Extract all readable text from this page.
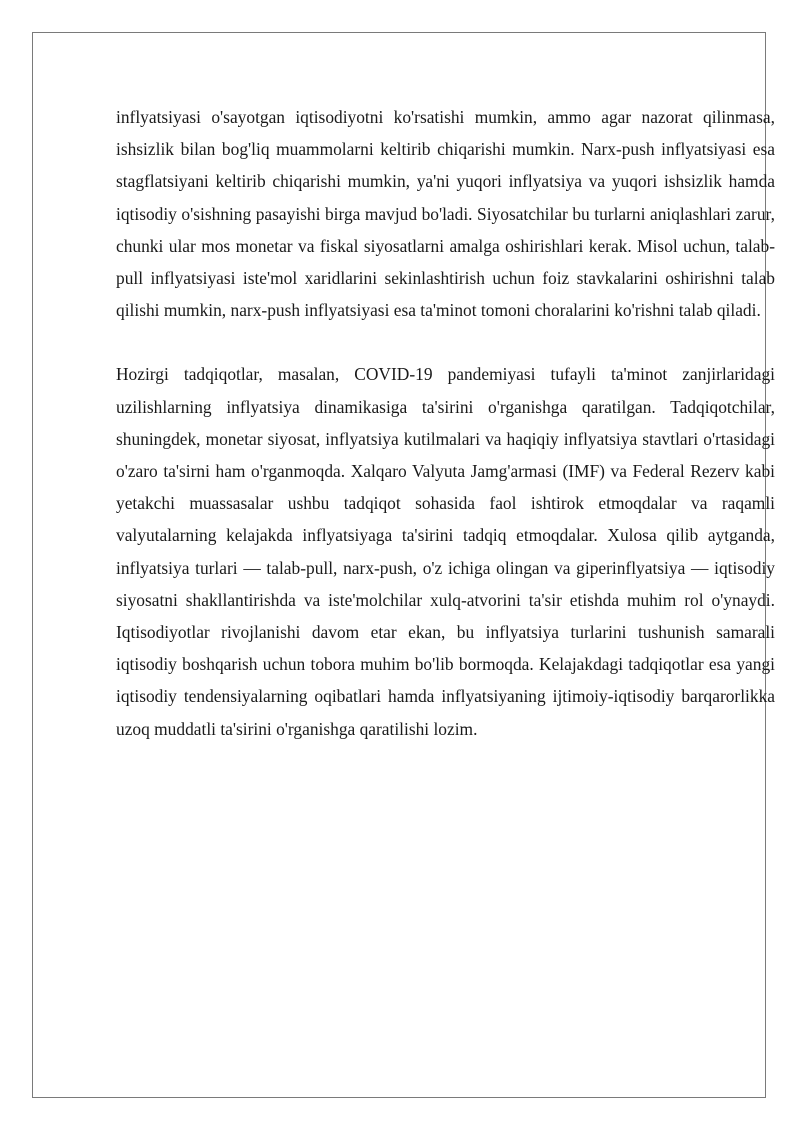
inflyatsiyasi o'sayotgan iqtisodiyotni ko'rsatishi mumkin, ammo agar nazorat qilinmasa, ishsizlik bilan bog'liq muammolarni keltirib chiqarishi mumkin. Narx-push inflyatsiyasi esa stagflatsiyani keltirib chiqarishi mumkin, ya'ni yuqori inflyatsiya va yuqori ishsizlik hamda iqtisodiy o'sishning pasayishi birga mavjud bo'ladi. Siyosatchilar bu turlarni aniqlashlari zarur, chunki ular mos monetar va fiskal siyosatlarni amalga oshirishlari kerak. Misol uchun, talab-pull inflyatsiyasi iste'mol xaridlarini sekinlashtirish uchun foiz stavkalarini oshirishni talab qilishi mumkin, narx-push inflyatsiyasi esa ta'minot tomoni choralarini ko'rishni talab qiladi.

Hozirgi tadqiqotlar, masalan, COVID-19 pandemiyasi tufayli ta'minot zanjirlaridagi uzilishlarning inflyatsiya dinamikasiga ta'sirini o'rganishga qaratilgan. Tadqiqotchilar, shuningdek, monetar siyosat, inflyatsiya kutilmalari va haqiqiy inflyatsiya stavtlari o'rtasidagi o'zaro ta'sirni ham o'rganmoqda. Xalqaro Valyuta Jamg'armasi (IMF) va Federal Rezerv kabi yetakchi muassasalar ushbu tadqiqot sohasida faol ishtirok etmoqdalar va raqamli valyutalarning kelajakda inflyatsiyaga ta'sirini tadqiq etmoqdalar. Xulosa qilib aytganda, inflyatsiya turlari — talab-pull, narx-push, o'z ichiga olingan va giperinflyatsiya — iqtisodiy siyosatni shakllantirishda va iste'molchilar xulq-atvorini ta'sir etishda muhim rol o'ynaydi. Iqtisodiyotlar rivojlanishi davom etar ekan, bu inflyatsiya turlarini tushunish samarali iqtisodiy boshqarish uchun tobora muhim bo'lib bormoqda. Kelajakdagi tadqiqotlar esa yangi iqtisodiy tendensiyalarning oqibatlari hamda inflyatsiyaning ijtimoiy-iqtisodiy barqarorlikka uzoq muddatli ta'sirini o'rganishga qaratilishi lozim.
